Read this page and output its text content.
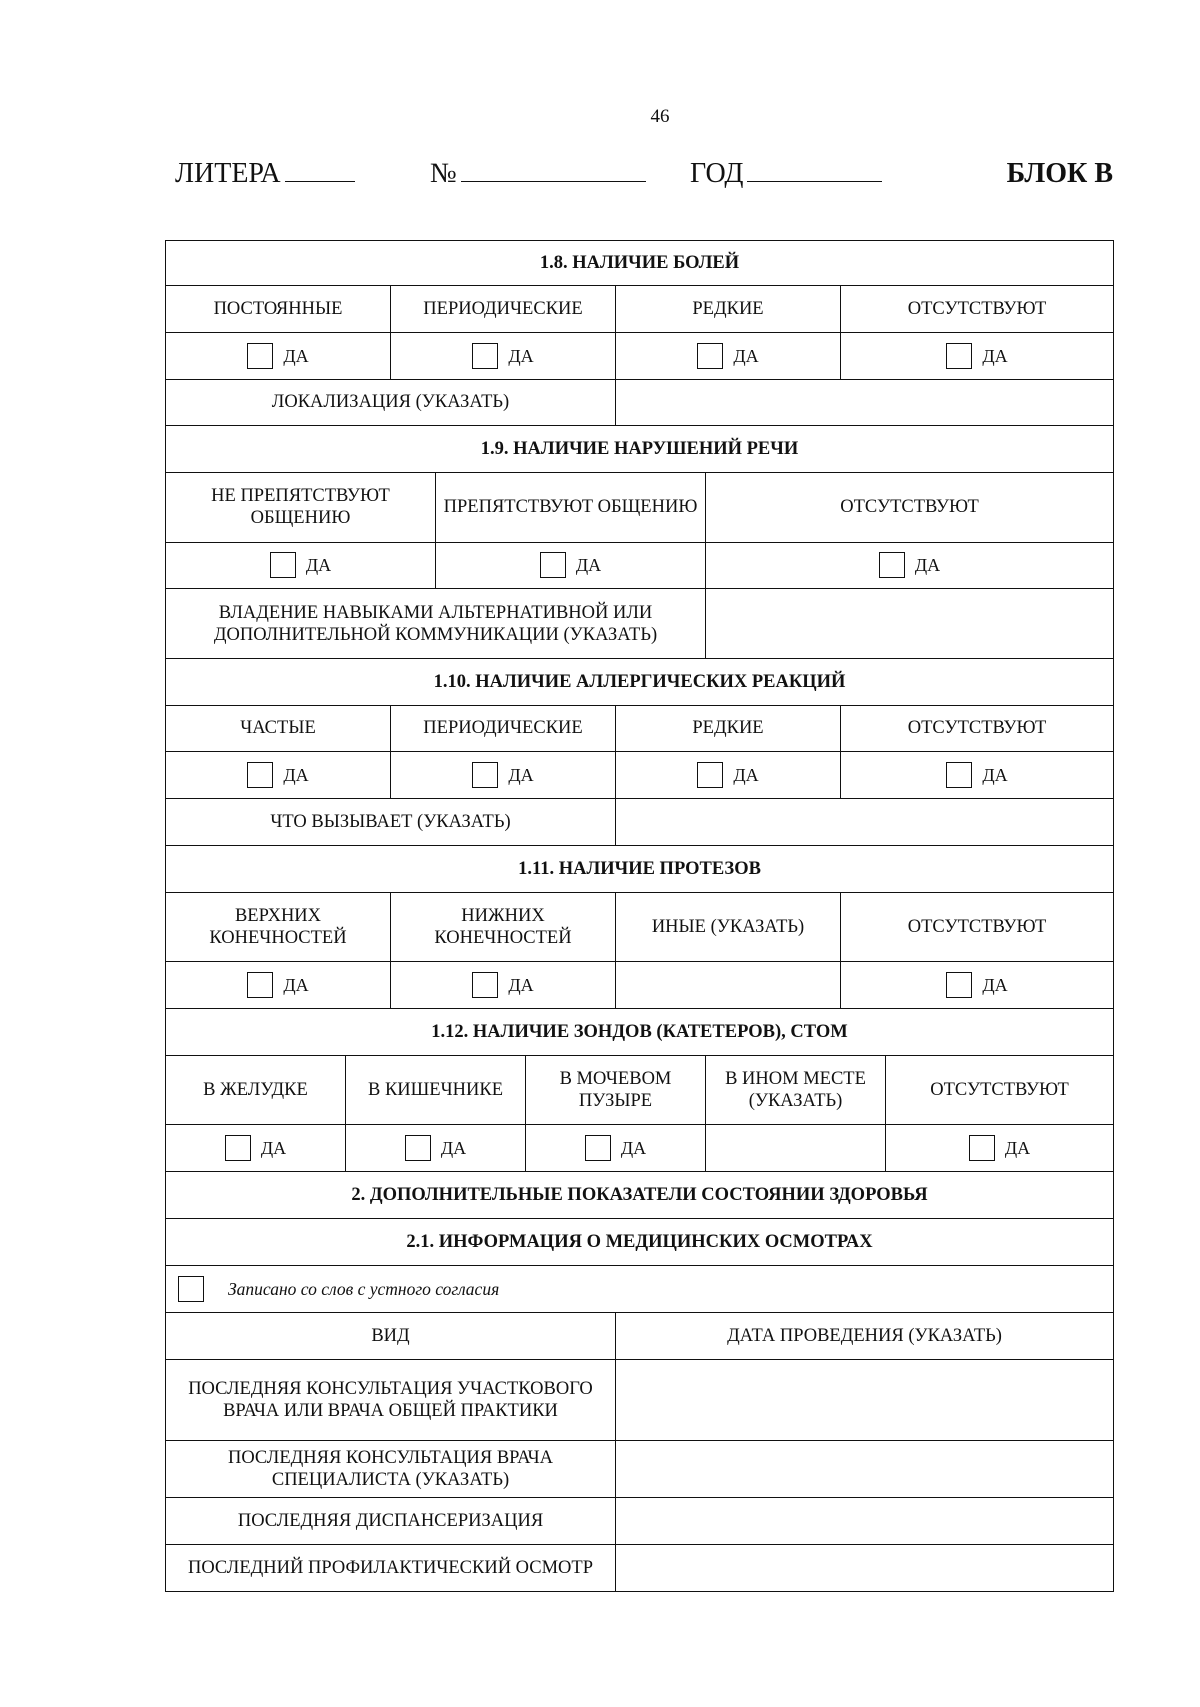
46
ЛИТЕРА	№	ГОД	БЛОК В
1.8. НАЛИЧИЕ БОЛЕЙ								
ПОСТОЯННЫЕ		ПЕРИОДИЧЕСКИЕ			РЕДКИЕ		ОТСУТСТВУЮТ	
ДА		ДА			ДА		ДА	
ЛОКАЛИЗАЦИЯ (УКАЗАТЬ)								
1.9. НАЛИЧИЕ НАРУШЕНИЙ РЕЧИ								
НЕ ПРЕПЯТСТВУЮТ ОБЩЕНИЮ			ПРЕПЯТСТВУЮТ ОБЩЕНИЮ			ОТСУТСТВУЮТ		
ДА			ДА			ДА		
ВЛАДЕНИЕ НАВЫКАМИ АЛЬТЕРНАТИВНОЙ ИЛИ ДОПОЛНИТЕЛЬНОЙ КОММУНИКАЦИИ (УКАЗАТЬ)								
1.10. НАЛИЧИЕ АЛЛЕРГИЧЕСКИХ РЕАКЦИЙ								
ЧАСТЫЕ		ПЕРИОДИЧЕСКИЕ			РЕДКИЕ		ОТСУТСТВУЮТ	
ДА		ДА			ДА		ДА	
ЧТО ВЫЗЫВАЕТ (УКАЗАТЬ)								
1.11. НАЛИЧИЕ ПРОТЕЗОВ								
ВЕРХНИХ КОНЕЧНОСТЕЙ		НИЖНИХ КОНЕЧНОСТЕЙ			ИНЫЕ (УКАЗАТЬ)		ОТСУТСТВУЮТ	
ДА		ДА					ДА	
1.12. НАЛИЧИЕ ЗОНДОВ (КАТЕТЕРОВ), СТОМ								
В ЖЕЛУДКЕ	В КИШЕЧНИКЕ			В МОЧЕВОМ ПУЗЫРЕ		В ИНОМ МЕСТЕ (УКАЗАТЬ)		ОТСУТСТВУЮТ
ДА	ДА			ДА				ДА
2. ДОПОЛНИТЕЛЬНЫЕ ПОКАЗАТЕЛИ СОСТОЯНИИ ЗДОРОВЬЯ								
2.1. ИНФОРМАЦИЯ О МЕДИЦИНСКИХ ОСМОТРАХ								
Записано со слов с устного согласия								
ВИД					ДАТА ПРОВЕДЕНИЯ (УКАЗАТЬ)			
ПОСЛЕДНЯЯ КОНСУЛЬТАЦИЯ УЧАСТКОВОГО ВРАЧА ИЛИ ВРАЧА ОБЩЕЙ ПРАКТИКИ								
ПОСЛЕДНЯЯ КОНСУЛЬТАЦИЯ ВРАЧА СПЕЦИАЛИСТА (УКАЗАТЬ)								
ПОСЛЕДНЯЯ ДИСПАНСЕРИЗАЦИЯ								
ПОСЛЕДНИЙ ПРОФИЛАКТИЧЕСКИЙ ОСМОТР								
